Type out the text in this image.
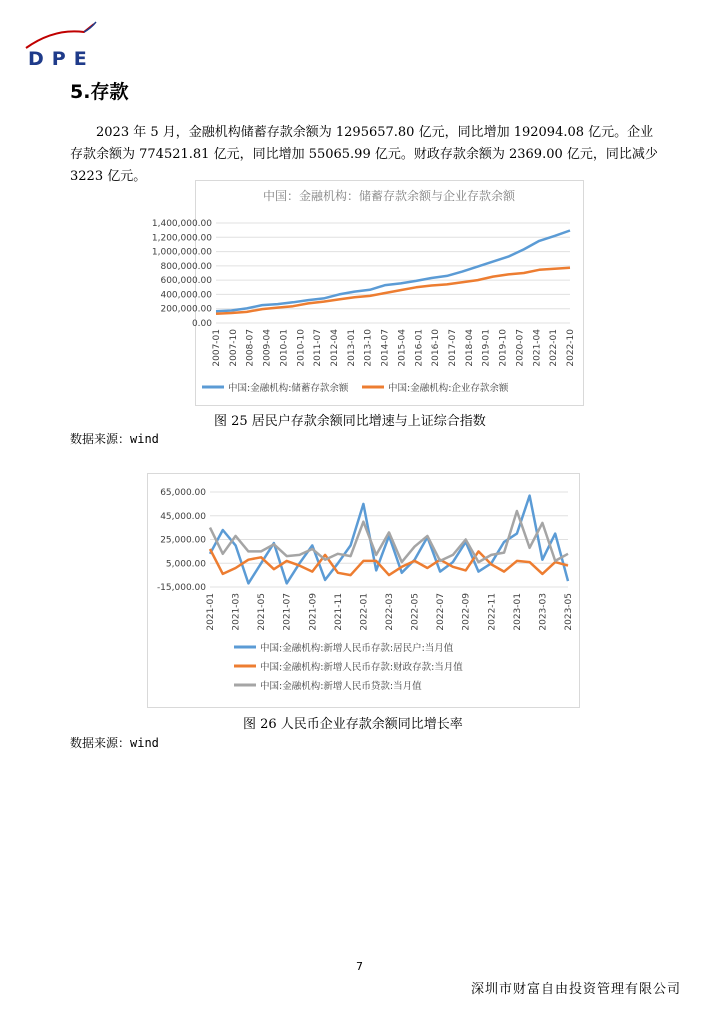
DPE
5.存款

2023 年 5 月，金融机构储蓄存款余额为 1295657.80 亿元，同比增加 192094.08 亿元。企业存款余额为 774521.81 亿元，同比增加 55065.99 亿元。财政存款余额为 2369.00 亿元，同比减少 3223 亿元。

中国：金融机构：储蓄存款余额与企业存款余额
0.00
200,000.00
400,000.00
600,000.00
800,000.00
1,000,000.00
1,200,000.00
1,400,000.00
2007-01 2007-10 2008-07 2009-04 2010-01 2010-10 2011-07 2012-04 2013-01 2013-10 2014-07 2015-04 2016-01 2016-10 2017-07 2018-04 2019-01 2019-10 2020-07 2021-04 2022-01 2022-10
中国:金融机构:储蓄存款余额	中国:金融机构:企业存款余额
图 25 居民户存款余额同比增速与上证综合指数
数据来源：wind
-15,000.00
5,000.00
25,000.00
45,000.00
65,000.00
2021-01 2021-03 2021-05 2021-07 2021-09 2021-11 2022-01 2022-03 2022-05 2022-07 2022-09 2022-11 2023-01 2023-03 2023-05
中国:金融机构:新增人民币存款:居民户:当月值
中国:金融机构:新增人民币存款:财政存款:当月值
中国:金融机构:新增人民币贷款:当月值
图 26 人民币企业存款余额同比增长率
数据来源：wind
7
深圳市财富自由投资管理有限公司
